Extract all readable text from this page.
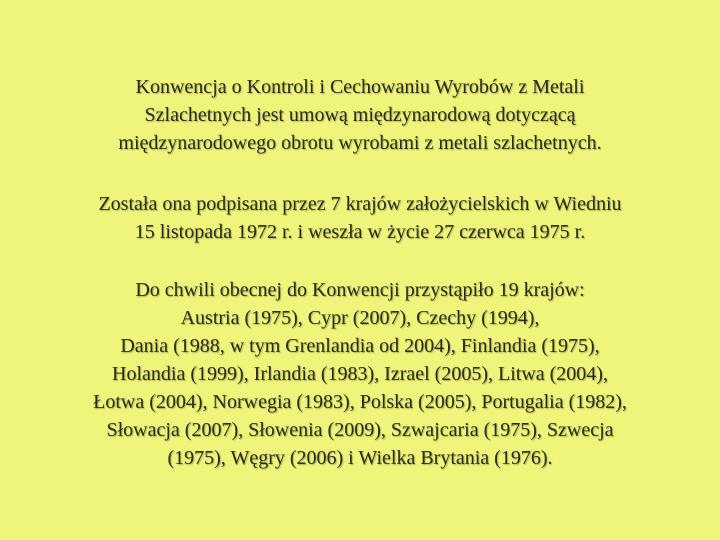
Konwencja o Kontroli i Cechowaniu Wyrobów z Metali
Szlachetnych jest umową międzynarodową dotyczącą
międzynarodowego obrotu wyrobami z metali szlachetnych.
Została ona podpisana przez 7 krajów założycielskich w Wiedniu
15 listopada 1972 r. i weszła w życie 27 czerwca 1975 r.
Do chwili obecnej do Konwencji przystąpiło 19 krajów:
Austria (1975), Cypr (2007), Czechy (1994),
Dania (1988, w tym Grenlandia od 2004), Finlandia (1975),
Holandia (1999), Irlandia (1983), Izrael (2005), Litwa (2004),
Łotwa (2004), Norwegia (1983), Polska (2005), Portugalia (1982),
Słowacja (2007), Słowenia (2009), Szwajcaria (1975), Szwecja
(1975), Węgry (2006) i Wielka Brytania (1976).
